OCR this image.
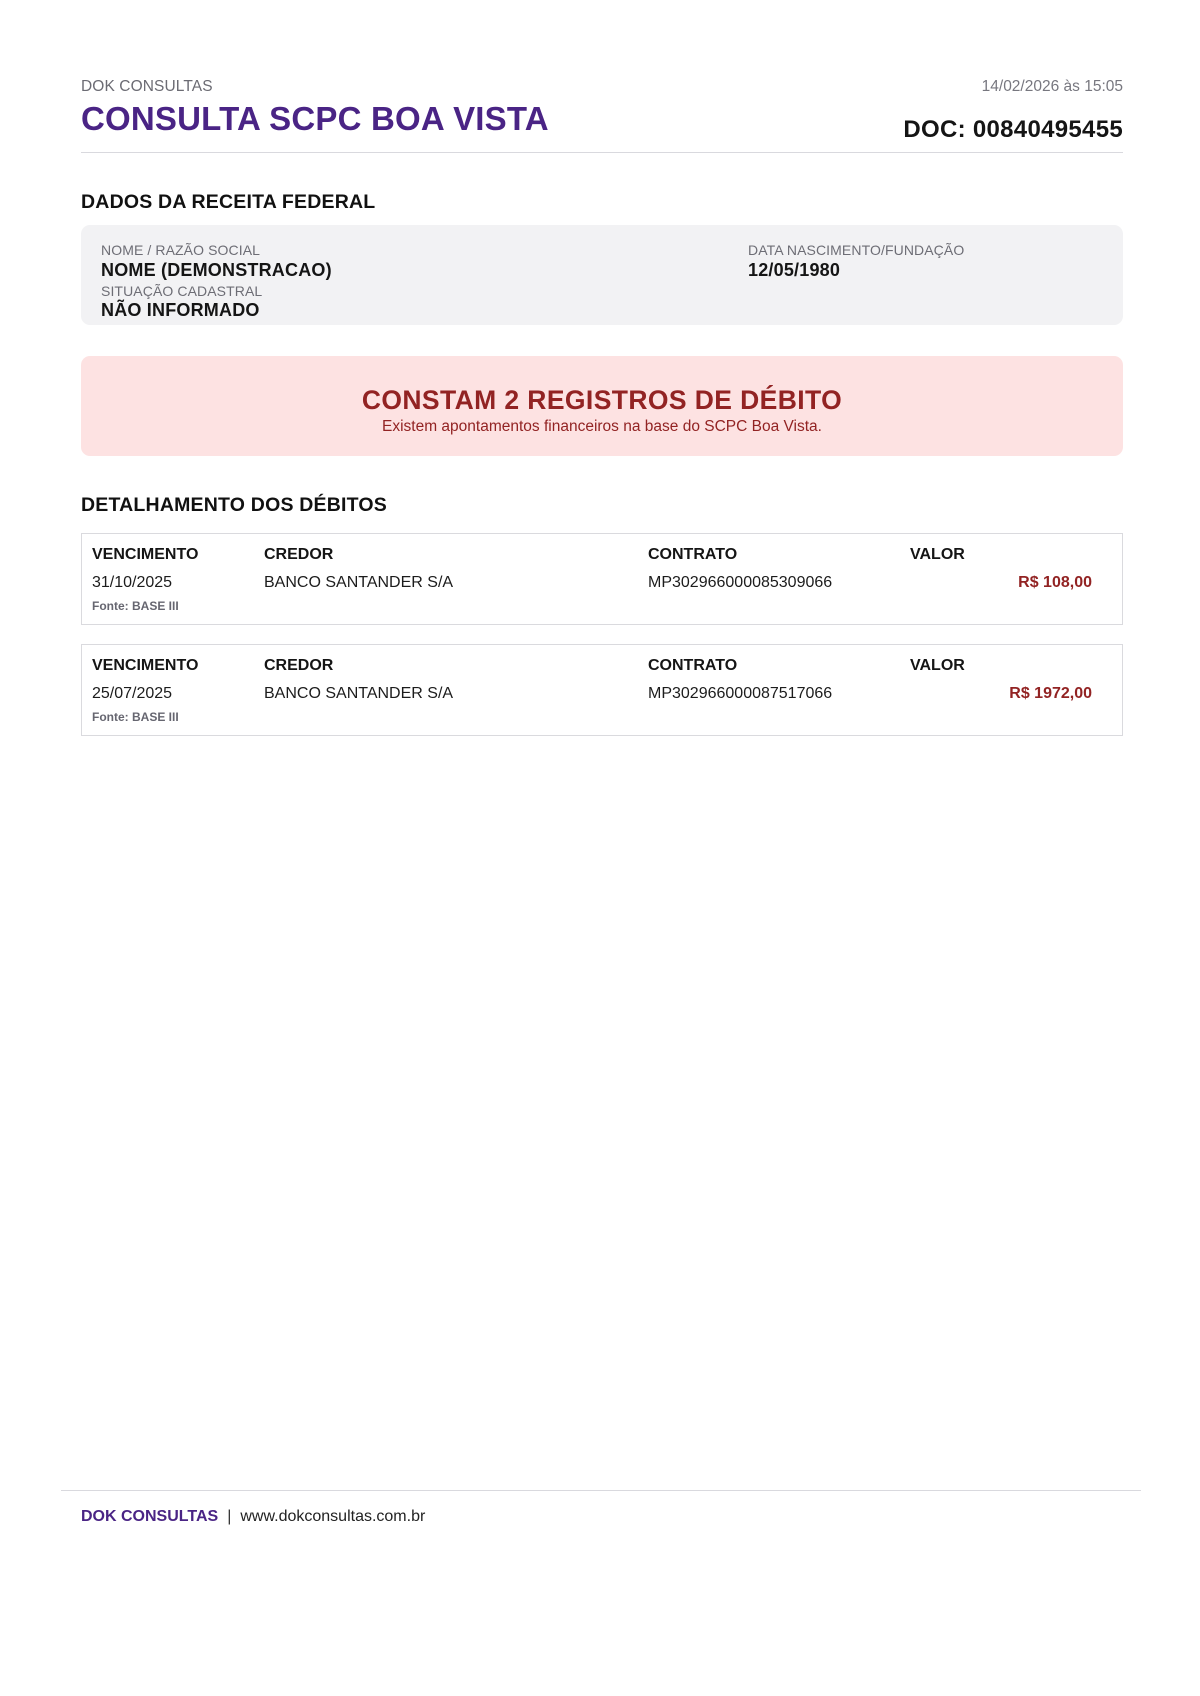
DOK CONSULTAS	14/02/2026 às 15:05
CONSULTA SCPC BOA VISTA	DOC: 00840495455
DADOS DA RECEITA FEDERAL
NOME / RAZÃO SOCIAL
NOME (DEMONSTRACAO)
DATA NASCIMENTO/FUNDAÇÃO
12/05/1980
SITUAÇÃO CADASTRAL
NÃO INFORMADO
CONSTAM 2 REGISTROS DE DÉBITO
Existem apontamentos financeiros na base do SCPC Boa Vista.
DETALHAMENTO DOS DÉBITOS
VENCIMENTO	CREDOR	CONTRATO	VALOR
31/10/2025	BANCO SANTANDER S/A	MP302966000085309066	R$ 108,00
Fonte: BASE III
VENCIMENTO	CREDOR	CONTRATO	VALOR
25/07/2025	BANCO SANTANDER S/A	MP302966000087517066	R$ 1972,00
Fonte: BASE III
DOK CONSULTAS | www.dokconsultas.com.br
